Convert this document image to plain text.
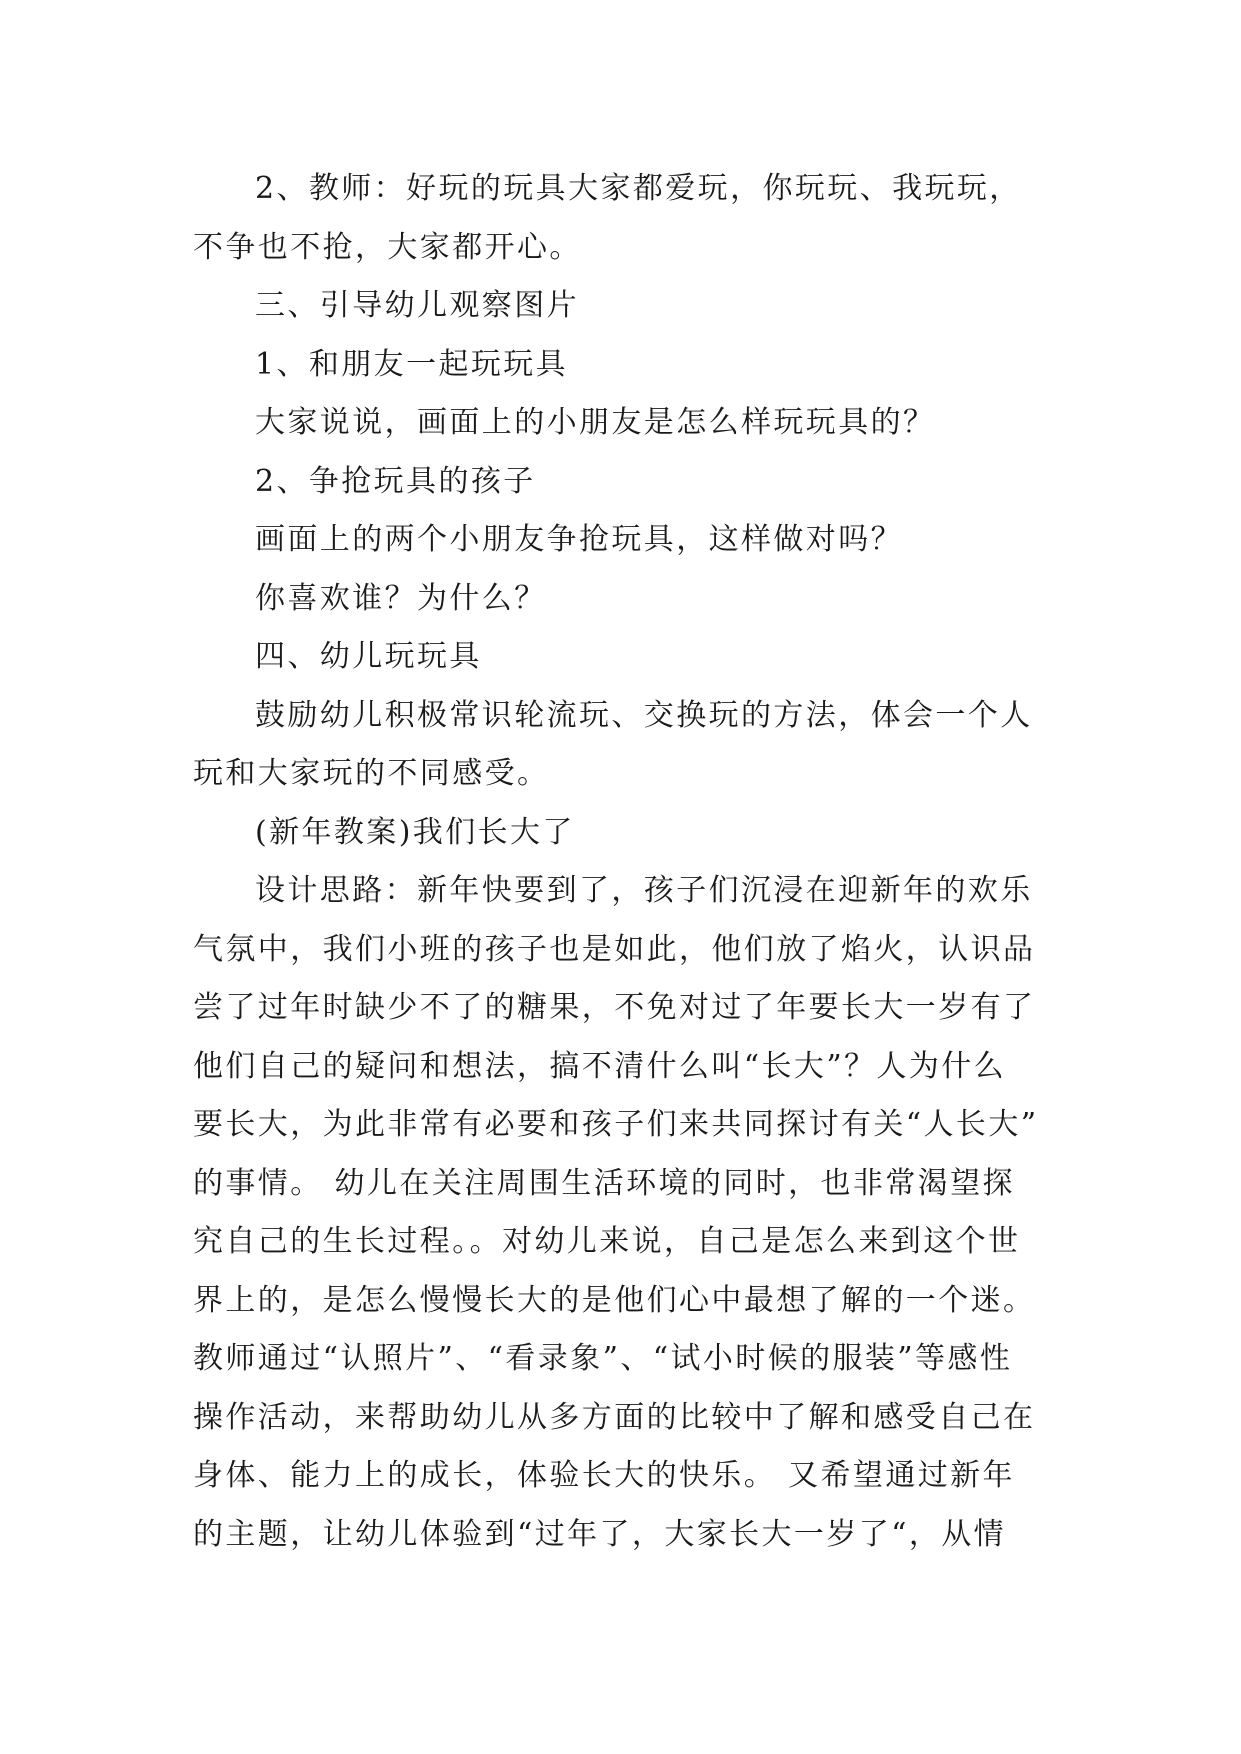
2、教师：好玩的玩具大家都爱玩，你玩玩、我玩玩，
不争也不抢，大家都开心。
三、引导幼儿观察图片
1、和朋友一起玩玩具
大家说说，画面上的小朋友是怎么样玩玩具的？
2、争抢玩具的孩子
画面上的两个小朋友争抢玩具，这样做对吗？
你喜欢谁？为什么？
四、幼儿玩玩具
鼓励幼儿积极常识轮流玩、交换玩的方法，体会一个人
玩和大家玩的不同感受。
(新年教案)我们长大了
设计思路：新年快要到了，孩子们沉浸在迎新年的欢乐
气氛中，我们小班的孩子也是如此，他们放了焰火，认识品
尝了过年时缺少不了的糖果，不免对过了年要长大一岁有了
他们自己的疑问和想法，搞不清什么叫“长大”？人为什么
要长大，为此非常有必要和孩子们来共同探讨有关“人长大”
的事情。 幼儿在关注周围生活环境的同时，也非常渴望探
究自己的生长过程。。对幼儿来说，自己是怎么来到这个世
界上的，是怎么慢慢长大的是他们心中最想了解的一个迷。
教师通过“认照片”、“看录象”、“试小时候的服装”等感性
操作活动，来帮助幼儿从多方面的比较中了解和感受自己在
身体、能力上的成长，体验长大的快乐。 又希望通过新年
的主题，让幼儿体验到“过年了，大家长大一岁了“，从情
